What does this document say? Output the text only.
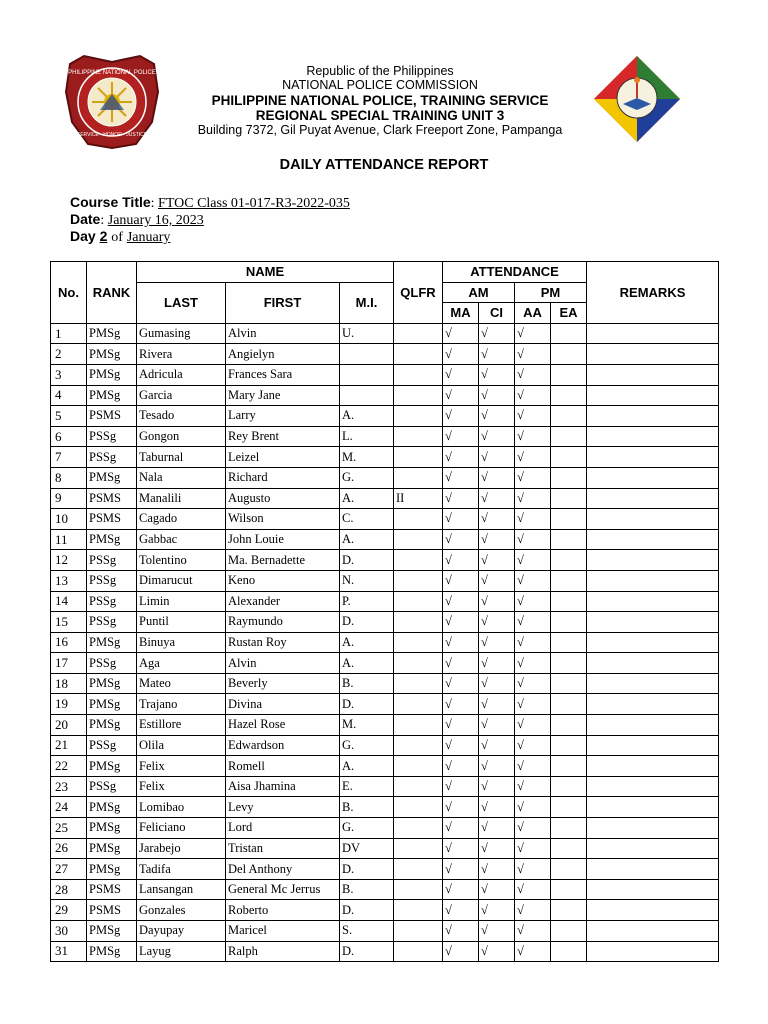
PHILIPPINE NATIONAL POLICE
SERVICE · HONOR · JUSTICE
Republic of the Philippines
NATIONAL POLICE COMMISSION
PHILIPPINE NATIONAL POLICE, TRAINING SERVICE
REGIONAL SPECIAL TRAINING UNIT 3
Building 7372, Gil Puyat Avenue, Clark Freeport Zone, Pampanga
DAILY ATTENDANCE REPORT
Course Title: FTOC Class 01-017-R3-2022-035
Date: January 16, 2023
Day 2 of January
No.	RANK	NAME			QLFR	ATTENDANCE				REMARKS
		LAST	FIRST	M.I.		AM		PM		
						MA	CI	AA	EA	
1	PMSg	Gumasing	Alvin	U.		√	√	√		
2	PMSg	Rivera	Angielyn			√	√	√		
3	PMSg	Adricula	Frances Sara			√	√	√		
4	PMSg	Garcia	Mary Jane			√	√	√		
5	PSMS	Tesado	Larry	A.		√	√	√		
6	PSSg	Gongon	Rey Brent	L.		√	√	√		
7	PSSg	Taburnal	Leizel	M.		√	√	√		
8	PMSg	Nala	Richard	G.		√	√	√		
9	PSMS	Manalili	Augusto	A.	II	√	√	√		
10	PSMS	Cagado	Wilson	C.		√	√	√		
11	PMSg	Gabbac	John Louie	A.		√	√	√		
12	PSSg	Tolentino	Ma. Bernadette	D.		√	√	√		
13	PSSg	Dimarucut	Keno	N.		√	√	√		
14	PSSg	Limin	Alexander	P.		√	√	√		
15	PSSg	Puntil	Raymundo	D.		√	√	√		
16	PMSg	Binuya	Rustan Roy	A.		√	√	√		
17	PSSg	Aga	Alvin	A.		√	√	√		
18	PMSg	Mateo	Beverly	B.		√	√	√		
19	PMSg	Trajano	Divina	D.		√	√	√		
20	PMSg	Estillore	Hazel Rose	M.		√	√	√		
21	PSSg	Olila	Edwardson	G.		√	√	√		
22	PMSg	Felix	Romell	A.		√	√	√		
23	PSSg	Felix	Aisa Jhamina	E.		√	√	√		
24	PMSg	Lomibao	Levy	B.		√	√	√		
25	PMSg	Feliciano	Lord	G.		√	√	√		
26	PMSg	Jarabejo	Tristan	DV		√	√	√		
27	PMSg	Tadifa	Del Anthony	D.		√	√	√		
28	PSMS	Lansangan	General Mc Jerrus	B.		√	√	√		
29	PSMS	Gonzales	Roberto	D.		√	√	√		
30	PMSg	Dayupay	Maricel	S.		√	√	√		
31	PMSg	Layug	Ralph	D.		√	√	√		
